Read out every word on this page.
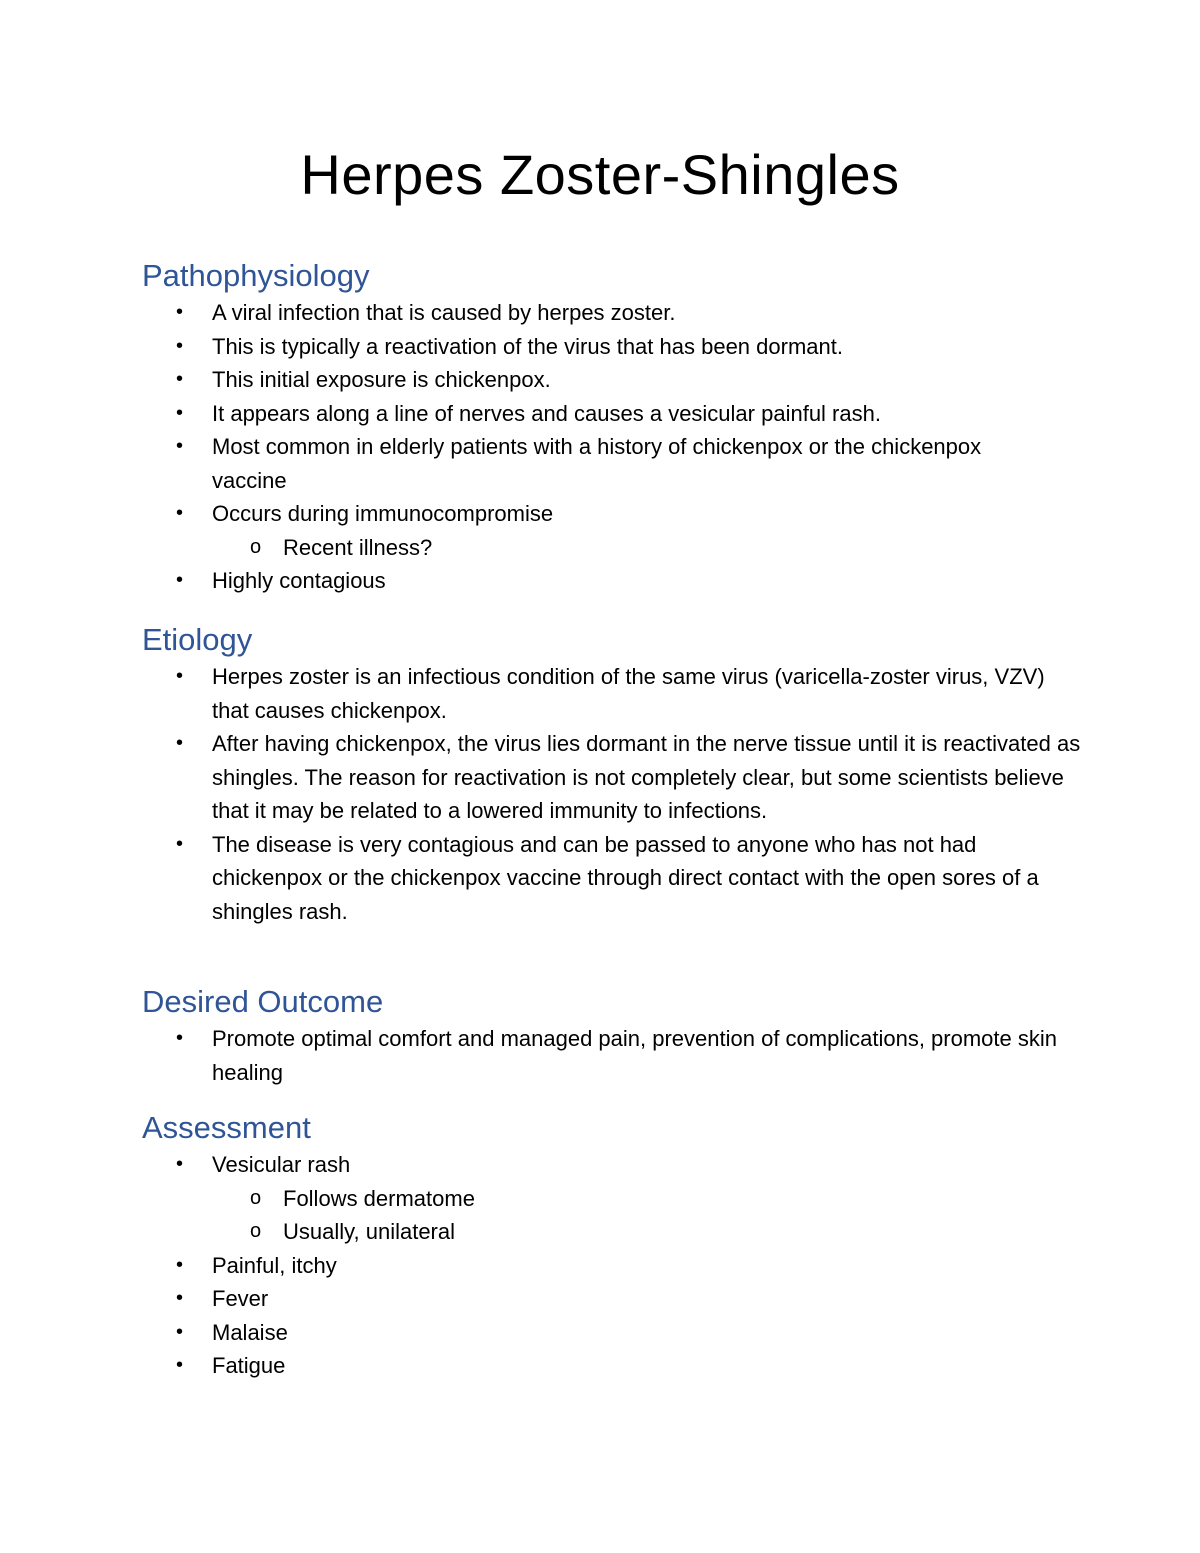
Herpes Zoster-Shingles
Pathophysiology
• A viral infection that is caused by herpes zoster.
• This is typically a reactivation of the virus that has been dormant.
• This initial exposure is chickenpox.
• It appears along a line of nerves and causes a vesicular painful rash.
• Most common in elderly patients with a history of chickenpox or the chickenpox vaccine
• Occurs during immunocompromise
o Recent illness?
• Highly contagious
Etiology
• Herpes zoster is an infectious condition of the same virus (varicella-zoster virus, VZV) that causes chickenpox.
• After having chickenpox, the virus lies dormant in the nerve tissue until it is reactivated as shingles. The reason for reactivation is not completely clear, but some scientists believe that it may be related to a lowered immunity to infections.
• The disease is very contagious and can be passed to anyone who has not had chickenpox or the chickenpox vaccine through direct contact with the open sores of a shingles rash.
Desired Outcome
• Promote optimal comfort and managed pain, prevention of complications, promote skin healing
Assessment
• Vesicular rash
o Follows dermatome
o Usually, unilateral
• Painful, itchy
• Fever
• Malaise
• Fatigue
